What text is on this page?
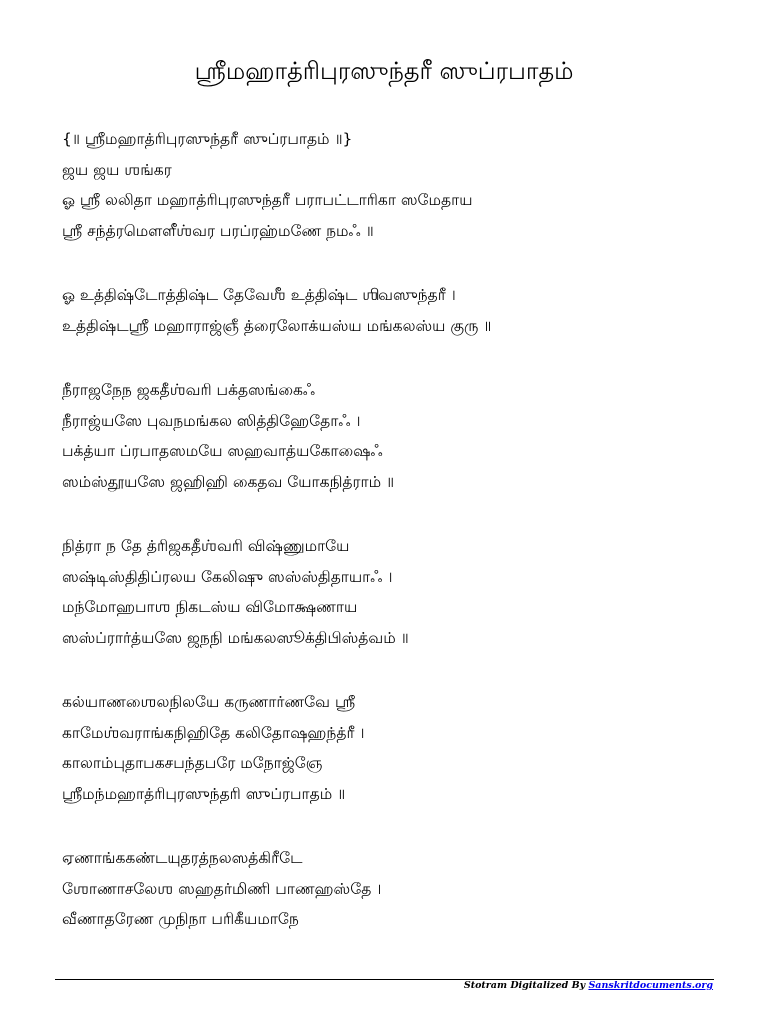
ஶ்ரீமஹாத்ரிபுரஸுந்தரீ ஸுப்ரபாதம்
{॥ ஶ்ரீமஹாத்ரிபுரஸுந்தரீ ஸுப்ரபாதம் ॥}
ஜய ஜய ஶங்கர
ஓ ஶ்ரீ லலிதா மஹாத்ரிபுரஸுந்தரீ பராபட்டாரிகா ஸமேதாய
ஶ்ரீ சந்த்ரமௌளீஶ்வர பரப்ரஹ்மணே நமஃ ॥
ஓ உத்திஷ்டோத்திஷ்ட தேவேஶீ உத்திஷ்ட ஶிவஸுந்தரீ ।
உத்திஷ்டஶ்ரீ மஹாராஜ்ஞீ த்ரைலோக்யஸ்ய மங்கலஸ்ய குரு ॥
நீராஜநேந ஜகதீஶ்வரி பக்தஸங்கைஃ
நீராஜ்யஸே புவநமங்கல ஸித்திஹேதோஃ ।
பக்த்யா ப்ரபாதஸமயே ஸஹவாத்யகோஷைஃ
ஸம்ஸ்தூயஸே ஜஹிஹி கைதவ யோகநித்ராம் ॥
நித்ரா ந தே த்ரிஜகதீஶ்வரி விஷ்ணுமாயே
ஸஷ்டிஸ்திதிப்ரலய கேலிஷு ஸஸ்ஸ்திதாயாஃ ।
மந்மோஹபாஶ நிகடஸ்ய விமோக்ஷணாய
ஸஸ்ப்ரார்த்யஸே ஜநநி மங்கலஸூக்திபிஸ்த்வம் ॥
கல்யாணஶைலநிலயே கருணார்ணவே ஶ்ரீ
காமேஶ்வராங்கநிஹிதே கலிதோஷஹந்த்ரீ ।
காலாம்புதாபகசபந்தபரே மநோஜ்ஞே
ஶ்ரீமந்மஹாத்ரிபுரஸுந்தரி ஸுப்ரபாதம் ॥
ஏணாங்ககண்டயுதரத்நலஸத்கிரீடே
ஶோணாசலேஶ ஸஹதர்மிணி பாணஹஸ்தே ।
வீணாதரேண முநிநா பரிகீயமாநே
Stotram Digitalized By Sanskritdocuments.org
